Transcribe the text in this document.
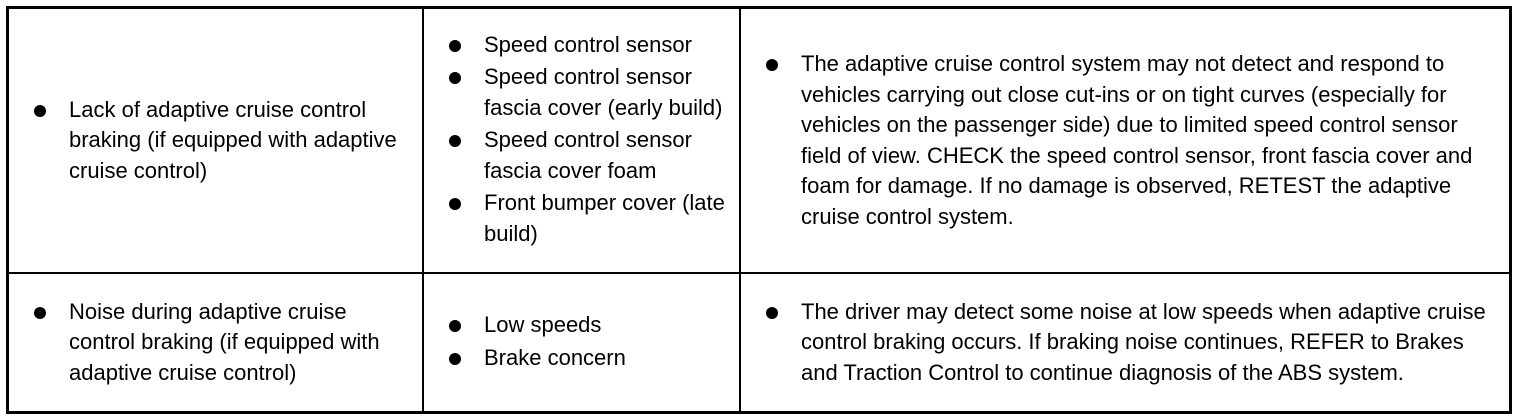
Lack of adaptive cruise control braking (if equipped with adaptive cruise control)
Speed control sensor
Speed control sensor fascia cover (early build)
Speed control sensor fascia cover foam
Front bumper cover (late build)
The adaptive cruise control system may not detect and respond to vehicles carrying out close cut-ins or on tight curves (especially for vehicles on the passenger side) due to limited speed control sensor field of view. CHECK the speed control sensor, front fascia cover and foam for damage. If no damage is observed, RETEST the adaptive cruise control system.
Noise during adaptive cruise control braking (if equipped with adaptive cruise control)
Low speeds
Brake concern
The driver may detect some noise at low speeds when adaptive cruise control braking occurs. If braking noise continues, REFER to Brakes and Traction Control to continue diagnosis of the ABS system.
